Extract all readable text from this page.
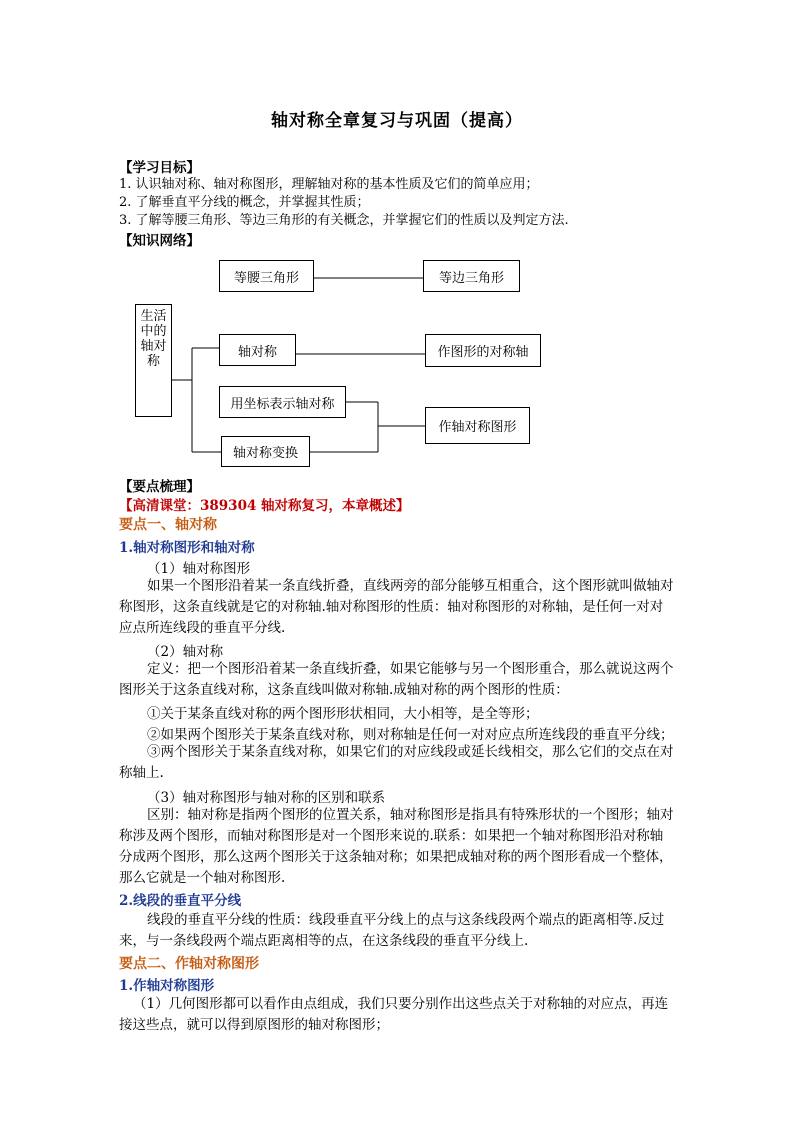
轴对称全章复习与巩固（提高）
【学习目标】
1. 认识轴对称、轴对称图形，理解轴对称的基本性质及它们的简单应用；
2. 了解垂直平分线的概念，并掌握其性质；
3. 了解等腰三角形、等边三角形的有关概念，并掌握它们的性质以及判定方法.
【知识网络】
生活中的轴对称
等腰三角形	等边三角形
轴对称	作图形的对称轴
用坐标表示轴对称
作轴对称图形
轴对称变换
【要点梳理】
【高清课堂：389304 轴对称复习，本章概述】
要点一、轴对称
1.轴对称图形和轴对称
（1）轴对称图形
如果一个图形沿着某一条直线折叠，直线两旁的部分能够互相重合，这个图形就叫做轴对称图形，这条直线就是它的对称轴.轴对称图形的性质：轴对称图形的对称轴，是任何一对对应点所连线段的垂直平分线.
（2）轴对称
定义：把一个图形沿着某一条直线折叠，如果它能够与另一个图形重合，那么就说这两个图形关于这条直线对称，这条直线叫做对称轴.成轴对称的两个图形的性质：
①关于某条直线对称的两个图形形状相同，大小相等，是全等形；
②如果两个图形关于某条直线对称，则对称轴是任何一对对应点所连线段的垂直平分线；
③两个图形关于某条直线对称，如果它们的对应线段或延长线相交，那么它们的交点在对称轴上.
（3）轴对称图形与轴对称的区别和联系
区别：轴对称是指两个图形的位置关系，轴对称图形是指具有特殊形状的一个图形；轴对称涉及两个图形，而轴对称图形是对一个图形来说的.联系：如果把一个轴对称图形沿对称轴分成两个图形，那么这两个图形关于这条轴对称；如果把成轴对称的两个图形看成一个整体，那么它就是一个轴对称图形.
2.线段的垂直平分线
线段的垂直平分线的性质：线段垂直平分线上的点与这条线段两个端点的距离相等.反过来，与一条线段两个端点距离相等的点，在这条线段的垂直平分线上.
要点二、作轴对称图形
1.作轴对称图形
（1）几何图形都可以看作由点组成，我们只要分别作出这些点关于对称轴的对应点，再连接这些点，就可以得到原图形的轴对称图形；
